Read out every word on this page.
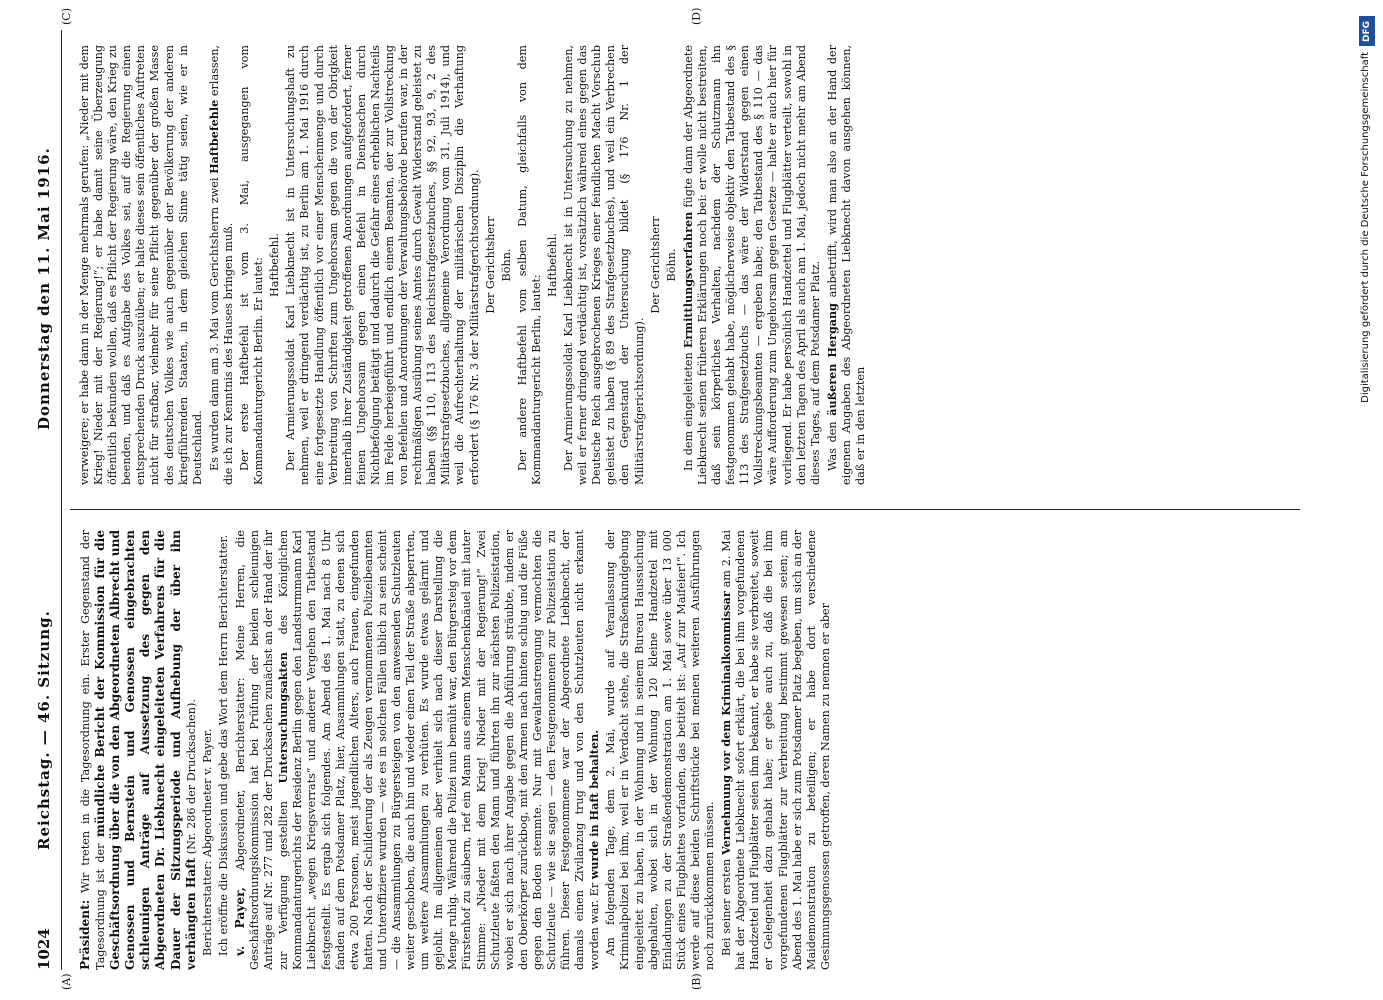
1024
Reichstag. — 46. Sitzung.
Donnerstag den 11. Mai 1916.
(A)	(B)
(C)	(D)

Präsident: Wir treten in die Tagesordnung ein. Erster Gegenstand der Tagesordnung ist der mündliche Bericht der Kommission für die Geschäftsordnung über die von den Abgeordneten Albrecht und Genossen und Bernstein und Genossen eingebrachten schleunigen Anträge auf Aussetzung des gegen den Abgeordneten Dr. Liebknecht eingeleiteten Verfahrens für die Dauer der Sitzungsperiode und Aufhebung der über ihn verhängten Haft (Nr. 286 der Drucksachen). Berichterstatter: Abgeordneter v. Payer. Ich eröffne die Diskussion und gebe das Wort dem Herrn Berichterstatter. v. Payer, Abgeordneter, Berichterstatter: Meine Herren, die Geschäftsordnungskommission hat bei Prüfung der beiden schleunigen Anträge auf Nr. 277 und 282 der Drucksachen zunächst an der Hand der ihr zur Verfügung gestellten Untersuchungsakten des Königlichen Kommandanturgerichts der Residenz Berlin gegen den Landsturmmann Karl Liebknecht „wegen Kriegsverrats“ und anderer Vergehen den Tatbestand festgestellt. Es ergab sich folgendes. Am Abend des 1. Mai nach 8 Uhr fanden auf dem Potsdamer Platz, hier, Ansammlungen statt, zu denen sich etwa 200 Personen, meist jugendlichen Alters, auch Frauen, eingefunden hatten. Nach der Schilderung der als Zeugen vernommenen Polizeibeamten und Unteroffiziere wurden — wie es in solchen Fällen üblich zu sein scheint — die Ansammlungen zu Bürgersteigen von den anwesenden Schutzleuten weiter geschoben, die auch hin und wieder einen Teil der Straße absperrten, um weitere Ansammlungen zu verhüten. Es wurde etwas gelärmt und gejohlt. Im allgemeinen aber verhielt sich nach dieser Darstellung die Menge ruhig. Während die Polizei nun bemüht war, den Bürgersteig vor dem Fürstenhof zu säubern, rief ein Mann aus einem Menschenknäuel mit lauter Stimme: „Nieder mit dem Krieg! Nieder mit der Regierung!“ Zwei Schutzleute faßten den Mann und führten ihn zur nächsten Polizeistation, wobei er sich nach ihrer Angabe gegen die Abführung sträubte, indem er den Oberkörper zurückbog, mit den Armen nach hinten schlug und die Füße gegen den Boden stemmte. Nur mit Gewaltanstrengung vermochten die Schutzleute — wie sie sagen — den Festgenommenen zur Polizeistation zu führen. Dieser Festgenommene war der Abgeordnete Liebknecht, der damals einen Zivilanzug trug und von den Schutzleuten nicht erkannt worden war. Er wurde in Haft behalten. Am folgenden Tage, dem 2. Mai, wurde auf Veranlassung der Kriminalpolizei bei ihm, weil er in Verdacht stehe, die Straßenkundgebung eingeleitet zu haben, in der Wohnung und in seinem Bureau Haussuchung abgehalten, wobei sich in der Wohnung 120 kleine Handzettel mit Einladungen zu der Straßendemonstration am 1. Mai sowie über 13 000 Stück eines Flugblattes vorfanden, das betitelt ist: „Auf zur Maifeier!“. Ich werde auf diese beiden Schriftstücke bei meinen weiteren Ausführungen noch zurückkommen müssen. Bei seiner ersten Vernehmung vor dem Kriminalkommissar am 2. Mai hat der Abgeordnete Liebknecht sofort erklärt, die bei ihm vorgefundenen Handzettel und Flugblätter seien ihm bekannt, er habe sie verbreitet, soweit er Gelegenheit dazu gehabt habe; er gebe auch zu, daß die bei ihm vorgefundenen Flugblätter zur Verbreitung bestimmt gewesen seien; am Abend des 1. Mai habe er sich zum Potsdamer Platz begeben, um sich an der Maidemonstration zu beteiligen; er habe dort verschiedene Gesinnungsgenossen getroffen, deren Namen zu nennen er aber

verweigere; er habe dann in der Menge mehrmals gerufen: „Nieder mit dem Krieg! Nieder mit der Regierung!“; er habe damit seine Überzeugung öffentlich bekunden wollen, daß es Pflicht der Regierung wäre, den Krieg zu beenden, und daß es Aufgabe des Volkes sei, auf die Regierung einen entsprechenden Druck auszuüben; er halte dieses sein öffentliches Auftreten nicht für strafbar, vielmehr für seine Pflicht gegenüber der großen Masse des deutschen Volkes wie auch gegenüber der Bevölkerung der anderen kriegführenden Staaten, in dem gleichen Sinne tätig seien, wie er in Deutschland. Es wurden dann am 3. Mai vom Gerichtsherrn zwei Haftbefehle erlassen, die ich zur Kenntnis des Hauses bringen muß. Der erste Haftbefehl ist vom 3. Mai, ausgegangen vom Kommandanturgericht Berlin. Er lautet: Haftbefehl. Der Armierungssoldat Karl Liebknecht ist in Untersuchungshaft zu nehmen, weil er dringend verdächtig ist, zu Berlin am 1. Mai 1916 durch eine fortgesetzte Handlung öffentlich vor einer Menschenmenge und durch Verbreitung von Schriften zum Ungehorsam gegen die von der Obrigkeit innerhalb ihrer Zuständigkeit getroffenen Anordnungen aufgefordert, ferner feinen Ungehorsam gegen einen Befehl in Dienstsachen durch Nichtbefolgung betätigt und dadurch die Gefahr eines erheblichen Nachteils im Felde herbeigeführt und endlich einem Beamten, der zur Vollstreckung von Befehlen und Anordnungen der Verwaltungsbehörde berufen war, in der rechtmäßigen Ausübung seines Amtes durch Gewalt Widerstand geleistet zu haben (§§ 110, 113 des Reichsstrafgesetzbuches, §§ 92, 93, 9, 2 des Militärstrafgesetzbuches, allgemeine Verordnung vom 31. Juli 1914), und weil die Aufrechterhaltung der militärischen Disziplin die Verhaftung erfordert (§ 176 Nr. 3 der Militärstrafgerichtsordnung). Der Gerichtsherr Böhn. Der andere Haftbefehl vom selben Datum, gleichfalls von dem Kommandanturgericht Berlin, lautet:

Haftbefehl. Der Armierungssoldat Karl Liebknecht ist in Untersuchung zu nehmen, weil er ferner dringend verdächtig ist, vorsätzlich während eines gegen das Deutsche Reich ausgebrochenen Krieges einer feindlichen Macht Vorschub geleistet zu haben (§ 89 des Strafgesetzbuches), und weil ein Verbrechen den Gegenstand der Untersuchung bildet (§ 176 Nr. 1 der Militärstrafgerichtsordnung).

Der Gerichtsherr Böhn.

In dem eingeleiteten Ermittlungsverfahren fügte dann der Abgeordnete Liebknecht seinen früheren Erklärungen noch bei: er wolle nicht bestreiten, daß sein körperliches Verhalten, nachdem der Schutzmann ihn festgenommen gehabt habe, möglicherweise objektiv den Tatbestand des § 113 des Strafgesetzbuchs — das wäre der Widerstand gegen einen Vollstreckungsbeamten — ergeben habe; den Tatbestand des § 110 — das wäre Aufforderung zum Ungehorsam gegen Gesetze — halte er auch hier für vorliegend. Er habe persönlich Handzettel und Flugblätter verteilt, sowohl in den letzten Tagen des April als auch am 1. Mai, jedoch nicht mehr am Abend dieses Tages, auf dem Potsdamer Platz. Was den äußeren Hergang anbetrifft, wird man also an der Hand der eigenen Angaben des Abgeordneten Liebknecht davon ausgehen können, daß er in den letzten

DFG
Digitalisierung gefördert durch die Deutsche Forschungsgemeinschaft
